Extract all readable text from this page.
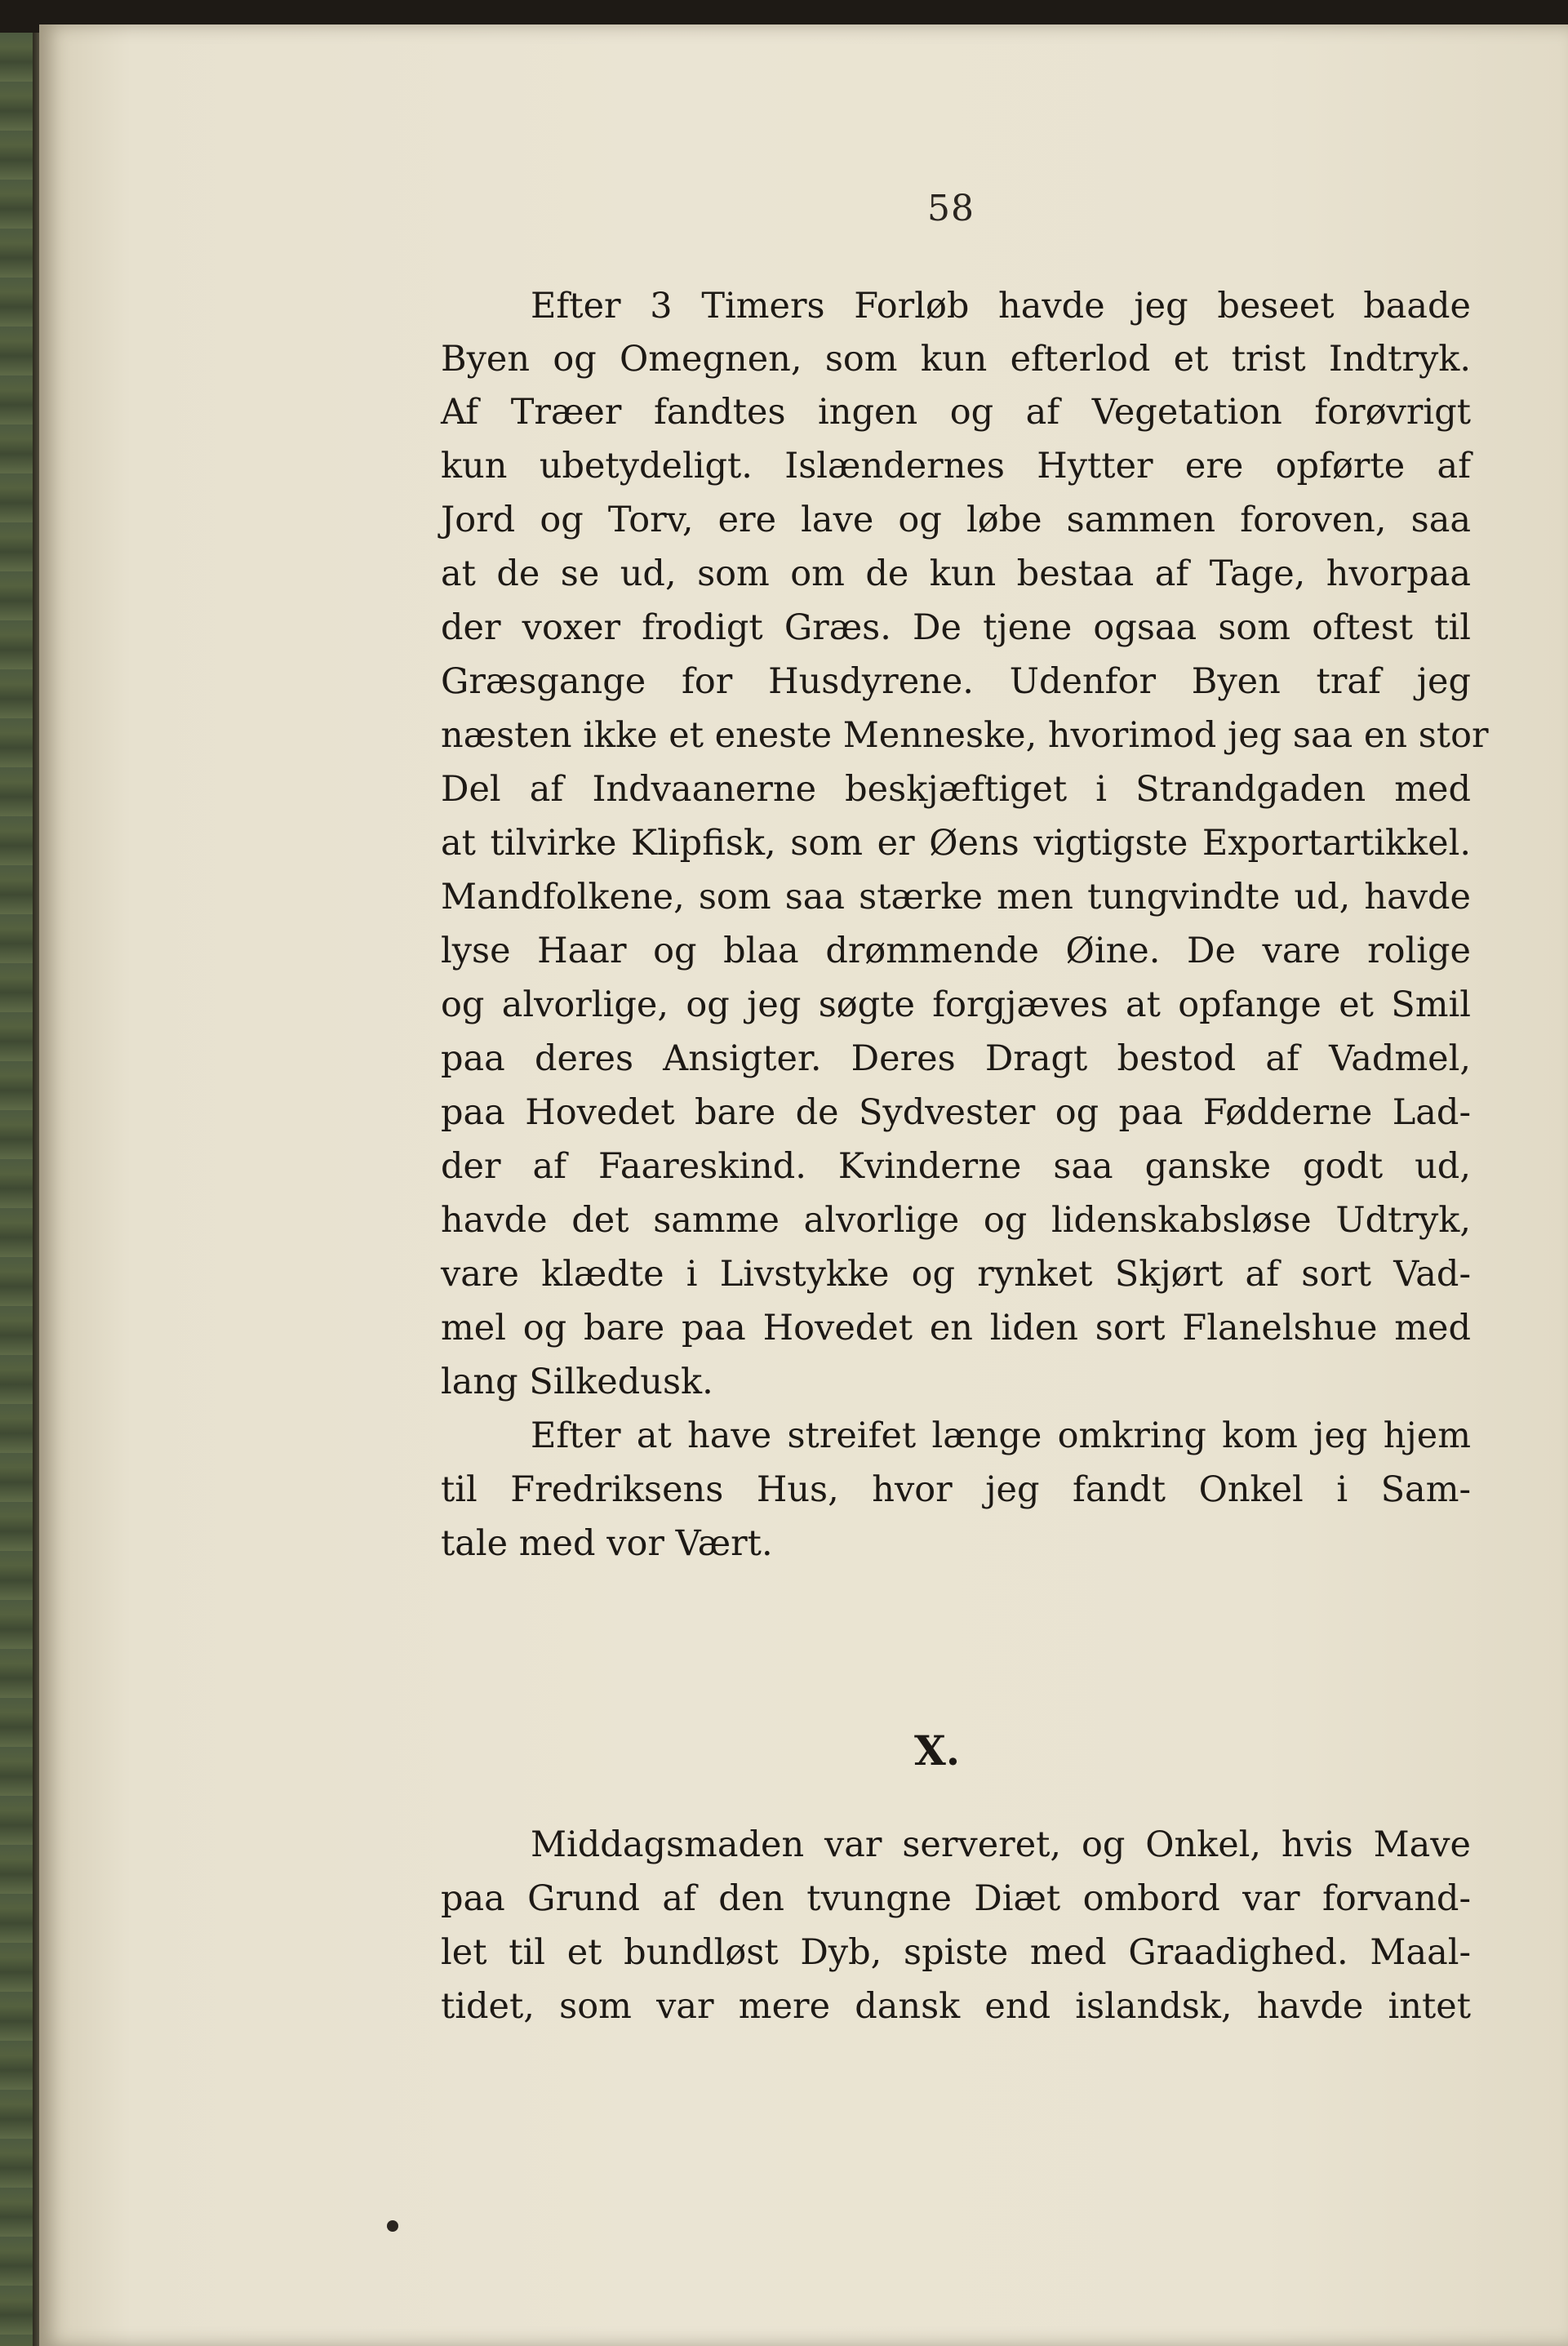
58
Efter 3 Timers Forløb havde jeg beseet baade
Byen og Omegnen, som kun efterlod et trist Indtryk.
Af Træer fandtes ingen og af Vegetation forøvrigt
kun ubetydeligt. Islændernes Hytter ere opførte af
Jord og Torv, ere lave og løbe sammen foroven, saa
at de se ud, som om de kun bestaa af Tage, hvorpaa
der voxer frodigt Græs. De tjene ogsaa som oftest til
Græsgange for Husdyrene. Udenfor Byen traf jeg
næsten ikke et eneste Menneske, hvorimod jeg saa en stor
Del af Indvaanerne beskjæftiget i Strandgaden med
at tilvirke Klipfisk, som er Øens vigtigste Exportartikkel.
Mandfolkene, som saa stærke men tungvindte ud, havde
lyse Haar og blaa drømmende Øine. De vare rolige
og alvorlige, og jeg søgte forgjæves at opfange et Smil
paa deres Ansigter. Deres Dragt bestod af Vadmel,
paa Hovedet bare de Sydvester og paa Fødderne Lad-
der af Faareskind. Kvinderne saa ganske godt ud,
havde det samme alvorlige og lidenskabsløse Udtryk,
vare klædte i Livstykke og rynket Skjørt af sort Vad-
mel og bare paa Hovedet en liden sort Flanelshue med
lang Silkedusk.
Efter at have streifet længe omkring kom jeg hjem
til Fredriksens Hus, hvor jeg fandt Onkel i Sam-
tale med vor Vært.
X.
Middagsmaden var serveret, og Onkel, hvis Mave
paa Grund af den tvungne Diæt ombord var forvand-
let til et bundløst Dyb, spiste med Graadighed. Maal-
tidet, som var mere dansk end islandsk, havde intet
